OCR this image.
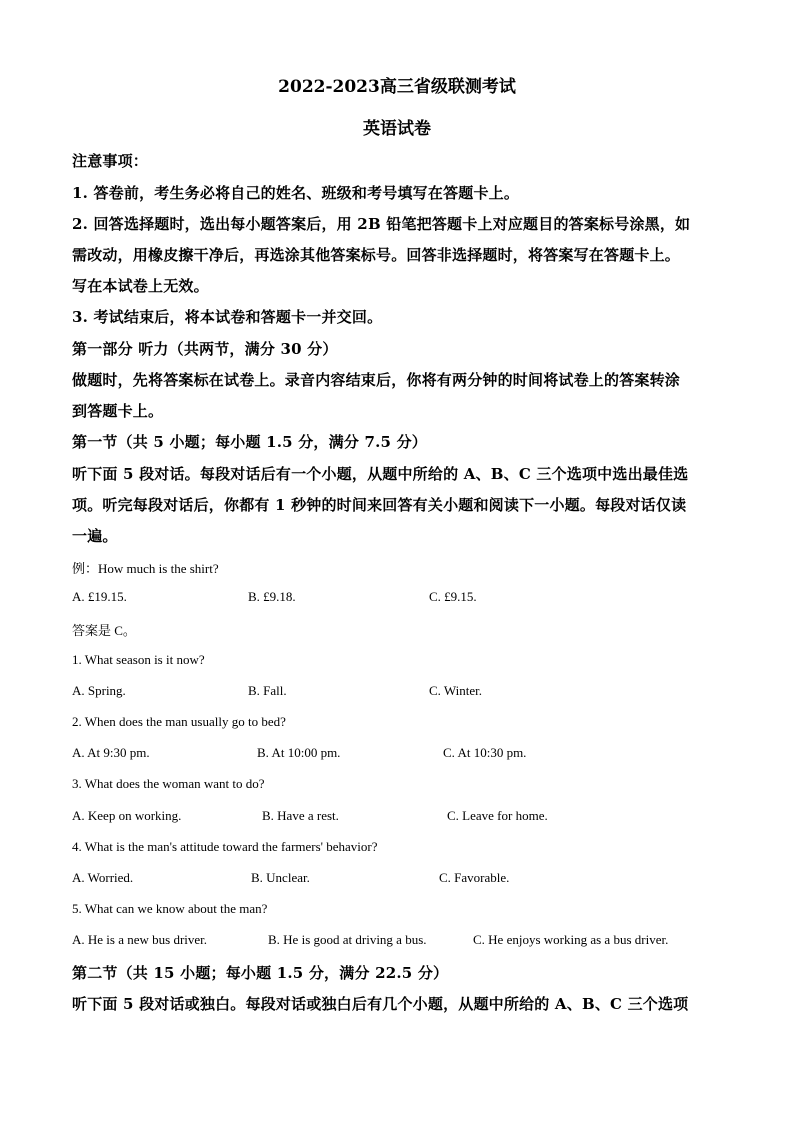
2022-2023高三省级联测考试
英语试卷
注意事项：
1. 答卷前，考生务必将自己的姓名、班级和考号填写在答题卡上。
2. 回答选择题时，选出每小题答案后，用 2B 铅笔把答题卡上对应题目的答案标号涂黑，如
需改动，用橡皮擦干净后，再选涂其他答案标号。回答非选择题时，将答案写在答题卡上。
写在本试卷上无效。
3. 考试结束后，将本试卷和答题卡一并交回。
第一部分 听力（共两节，满分 30 分）
做题时，先将答案标在试卷上。录音内容结束后，你将有两分钟的时间将试卷上的答案转涂
到答题卡上。
第一节（共 5 小题；每小题 1.5 分，满分 7.5 分）
听下面 5 段对话。每段对话后有一个小题，从题中所给的 A、B、C 三个选项中选出最佳选
项。听完每段对话后，你都有 1 秒钟的时间来回答有关小题和阅读下一小题。每段对话仅读
一遍。
例：How much is the shirt?
A. £19.15.	B. £9.18.	C. £9.15.
答案是 C。
1. What season is it now?
A. Spring.	B. Fall.	C. Winter.
2. When does the man usually go to bed?
A. At 9:30 pm.	B. At 10:00 pm.	C. At 10:30 pm.
3. What does the woman want to do?
A. Keep on working.	B. Have a rest.	C. Leave for home.
4. What is the man's attitude toward the farmers' behavior?
A. Worried.	B. Unclear.	C. Favorable.
5. What can we know about the man?
A. He is a new bus driver.	B. He is good at driving a bus.	C. He enjoys working as a bus driver.
第二节（共 15 小题；每小题 1.5 分，满分 22.5 分）
听下面 5 段对话或独白。每段对话或独白后有几个小题，从题中所给的 A、B、C 三个选项
